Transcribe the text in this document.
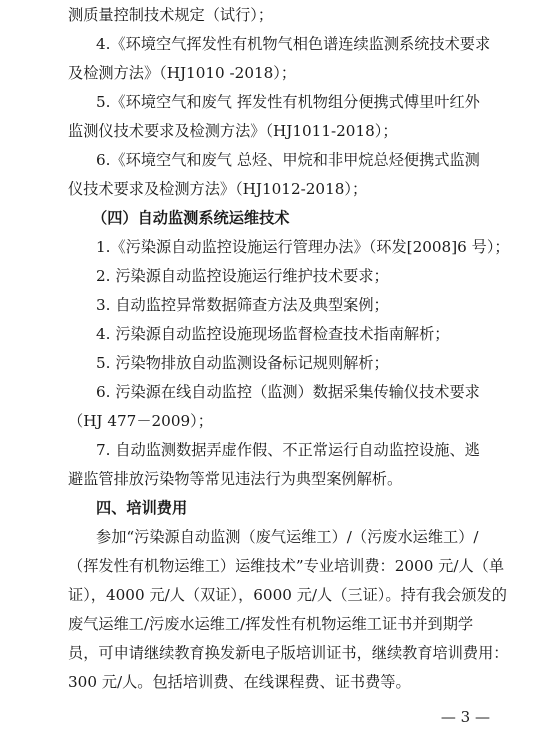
测质量控制技术规定（试行）；
4.《环境空气挥发性有机物气相色谱连续监测系统技术要求
及检测方法》（HJ1010 -2018）；
5.《环境空气和废气 挥发性有机物组分便携式傅里叶红外
监测仪技术要求及检测方法》（HJ1011-2018）；
6.《环境空气和废气 总烃、甲烷和非甲烷总烃便携式监测
仪技术要求及检测方法》（HJ1012-2018）；
（四）自动监测系统运维技术
1.《污染源自动监控设施运行管理办法》（环发[2008]6 号）；
2. 污染源自动监控设施运行维护技术要求；
3. 自动监控异常数据筛查方法及典型案例；
4. 污染源自动监控设施现场监督检查技术指南解析；
5. 污染物排放自动监测设备标记规则解析；
6. 污染源在线自动监控（监测）数据采集传输仪技术要求
（HJ 477－2009）；
7. 自动监测数据弄虚作假、不正常运行自动监控设施、逃
避监管排放污染物等常见违法行为典型案例解析。
四、培训费用
参加“污染源自动监测（废气运维工）/（污废水运维工）/
（挥发性有机物运维工）运维技术”专业培训费：2000 元/人（单
证），4000 元/人（双证），6000 元/人（三证）。持有我会颁发的
废气运维工/污废水运维工/挥发性有机物运维工证书并到期学
员，可申请继续教育换发新电子版培训证书，继续教育培训费用：
300 元/人。包括培训费、在线课程费、证书费等。
— 3 —
